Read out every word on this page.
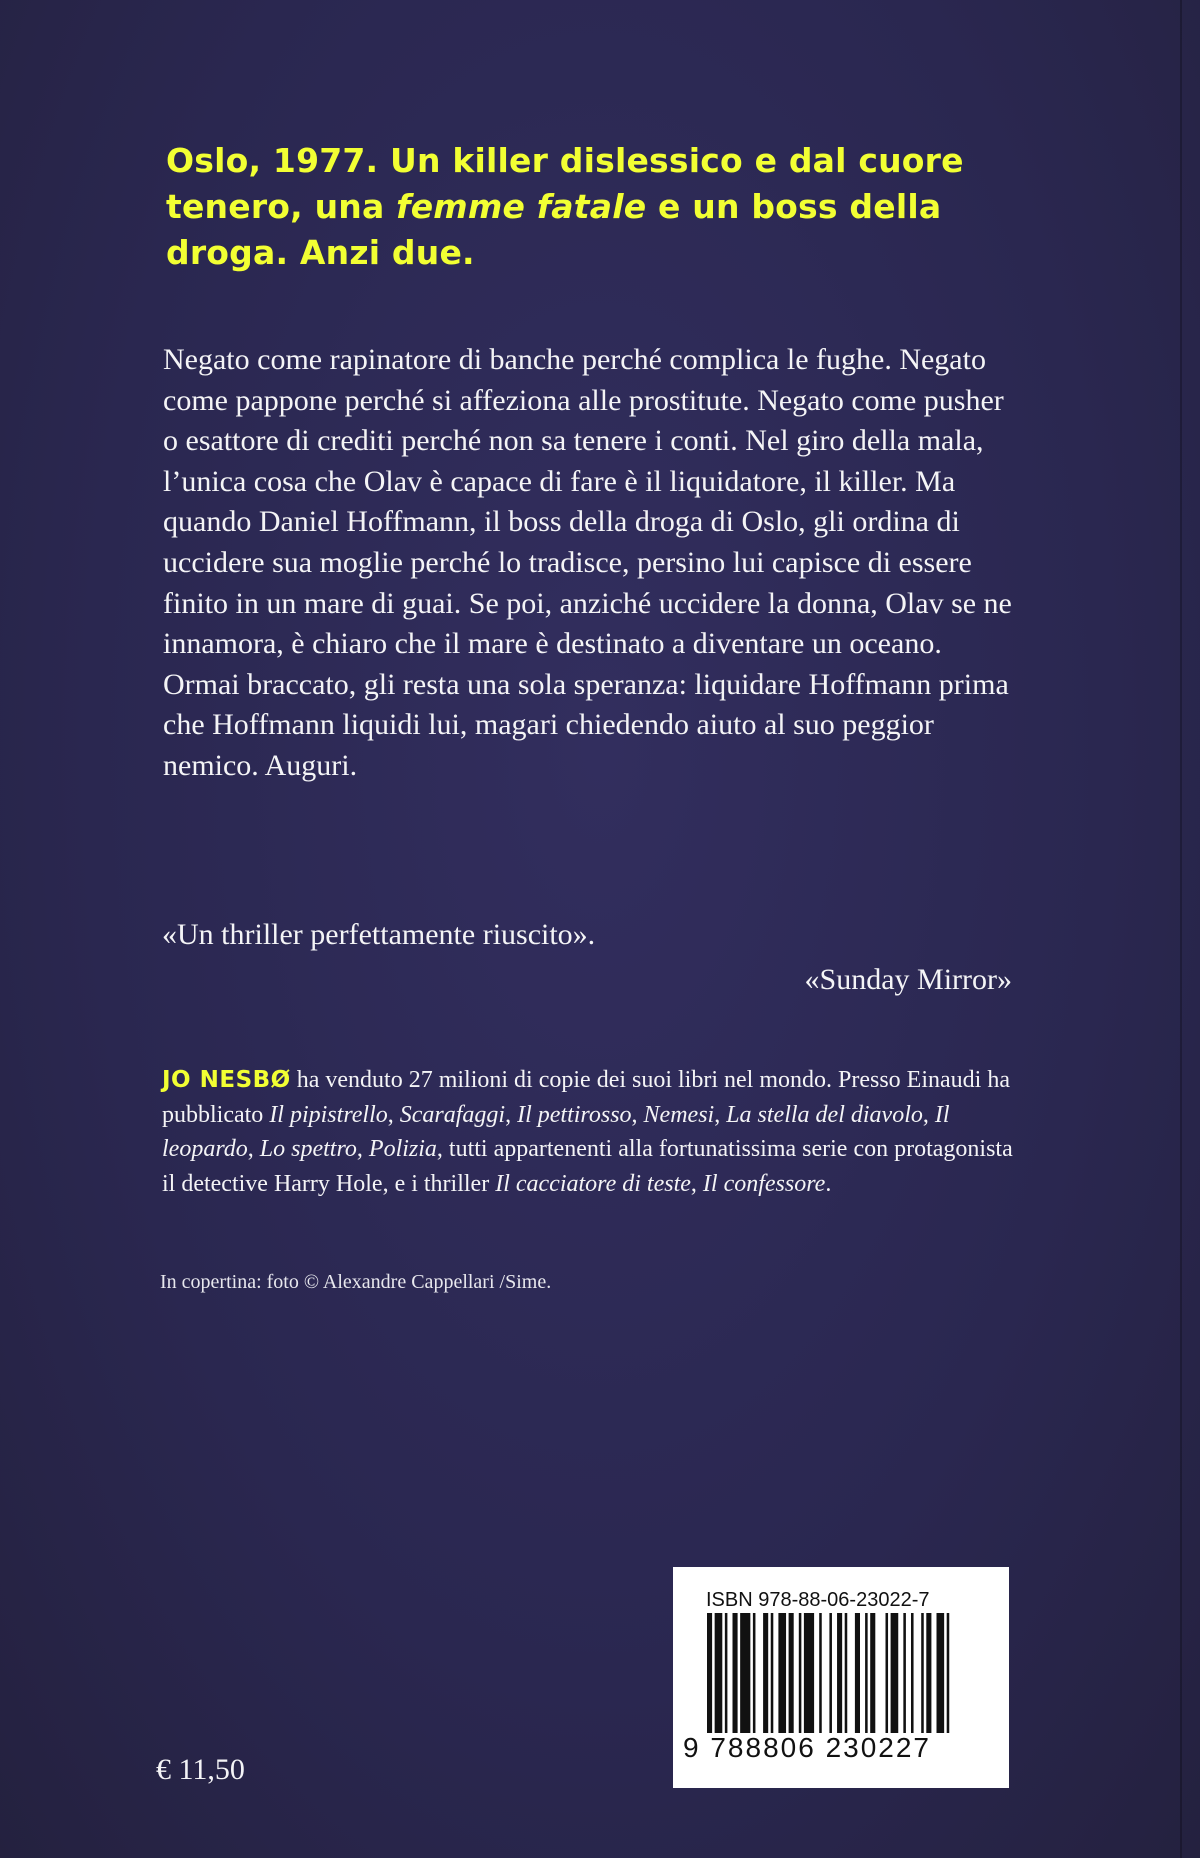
Oslo, 1977. Un killer dislessico e dal cuore tenero, una femme fatale e un boss della droga. Anzi due.

Negato come rapinatore di banche perché complica le fughe. Negato come pappone perché si affeziona alle prostitute. Negato come pusher o esattore di crediti perché non sa tenere i conti. Nel giro della mala, l’unica cosa che Olav è capace di fare è il liquidatore, il killer. Ma quando Daniel Hoffmann, il boss della droga di Oslo, gli ordina di uccidere sua moglie perché lo tradisce, persino lui capisce di essere finito in un mare di guai. Se poi, anziché uccidere la donna, Olav se ne innamora, è chiaro che il mare è destinato a diventare un oceano. Ormai braccato, gli resta una sola speranza: liquidare Hoffmann prima che Hoffmann liquidi lui, magari chiedendo aiuto al suo peggior nemico. Auguri.

«Un thriller perfettamente riuscito».

«Sunday Mirror»

JO NESBØ ha venduto 27 milioni di copie dei suoi libri nel mondo. Presso Einaudi ha pubblicato Il pipistrello, Scarafaggi, Il pettirosso, Nemesi, La stella del diavolo, Il leopardo, Lo spettro, Polizia, tutti appartenenti alla fortunatissima serie con protagonista il detective Harry Hole, e i thriller Il cacciatore di teste, Il confessore.

In copertina: foto © Alexandre Cappellari /Sime.

€ 11,50

ISBN 978-88-06-23022-7
9 788806 230227
